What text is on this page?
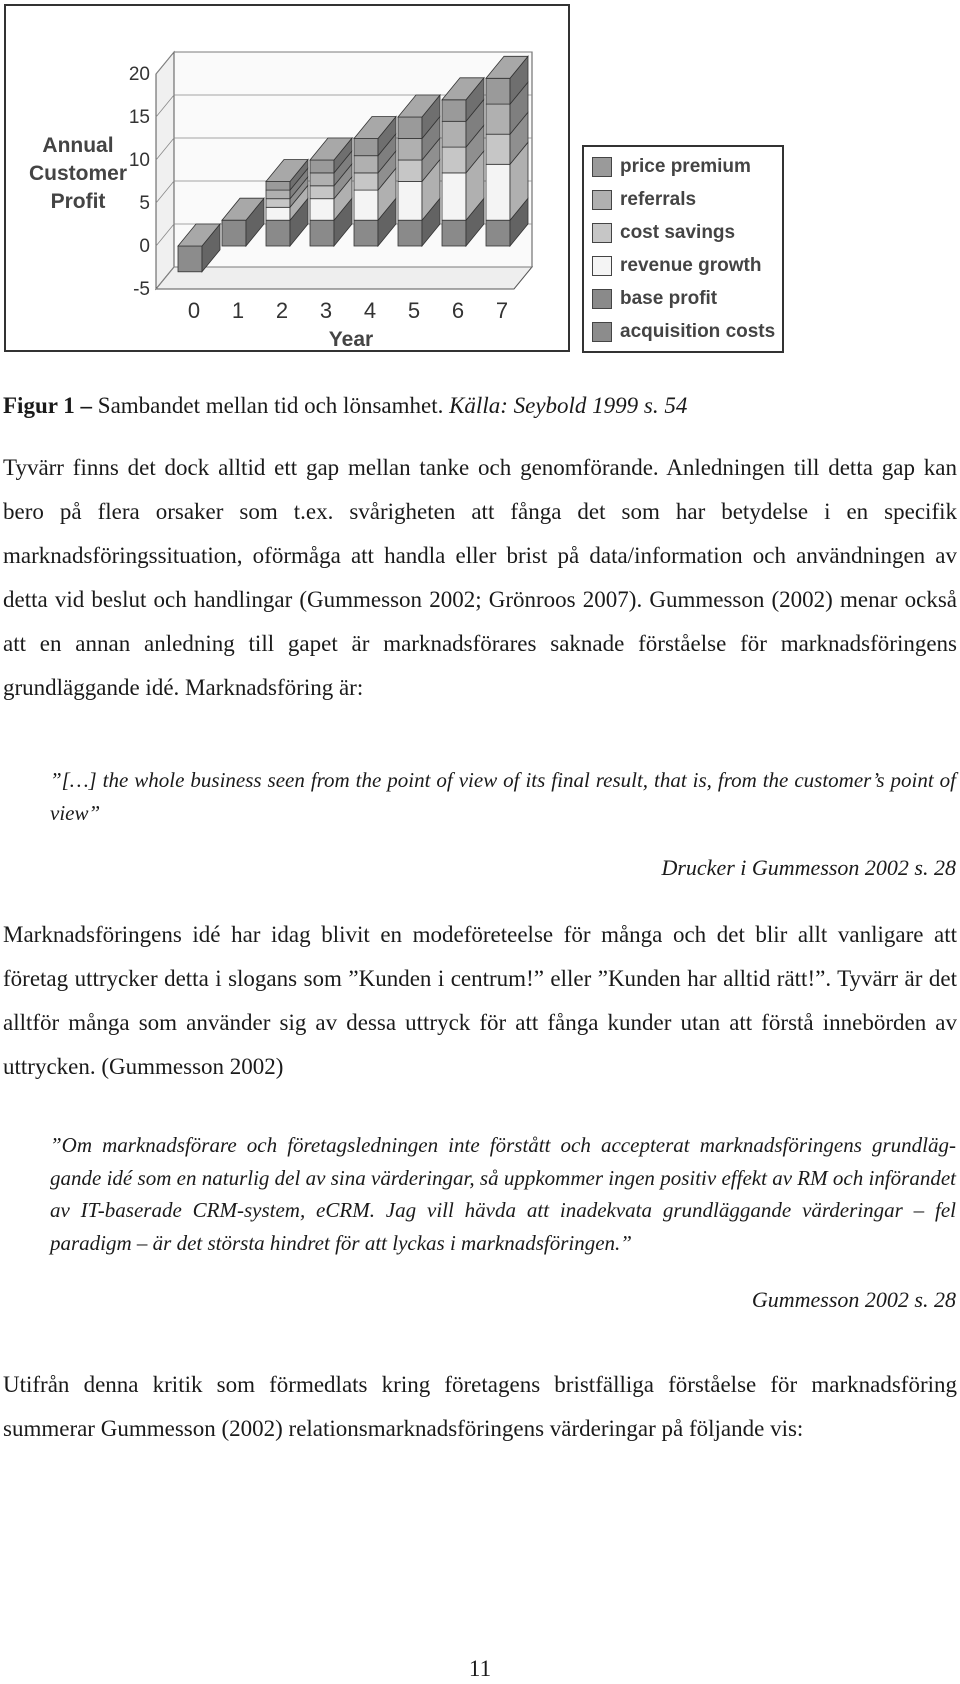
20
15
10
5
0
-5
0 1 2 3 4 5 6 7
Annual
Customer
Profit
Year
price premium
referrals
cost savings
revenue growth
base profit
acquisition costs
Figur 1 – Sambandet mellan tid och lönsamhet. Källa: Seybold 1999 s. 54

Tyvärr finns det dock alltid ett gap mellan tanke och genomförande. Anledningen till detta gap kan bero på flera orsaker som t.ex. svårigheten att fånga det som har betydelse i en specifik marknadsföringssituation, oförmåga att handla eller brist på data/information och användningen av detta vid beslut och handlingar (Gummesson 2002; Grönroos 2007). Gummesson (2002) menar också att en annan anledning till gapet är marknadsförares saknade förståelse för marknadsföringens grundläggande idé. Marknadsföring är:

”[…] the whole business seen from the point of view of its final result, that is, from the customer’s point of view”

Drucker i Gummesson 2002 s. 28

Marknadsföringens idé har idag blivit en modeföreteelse för många och det blir allt vanligare att företag uttrycker detta i slogans som ”Kunden i centrum!” eller ”Kunden har alltid rätt!”. Tyvärr är det alltför många som använder sig av dessa uttryck för att fånga kunder utan att förstå innebörden av uttrycken. (Gummesson 2002)

”Om marknadsförare och företagsledningen inte förstått och accepterat marknadsföringens grundläggande idé som en naturlig del av sina värderingar, så uppkommer ingen positiv effekt av RM och införandet av IT-baserade CRM-system, eCRM. Jag vill hävda att inadekvata grundläggande värderingar – fel paradigm – är det största hindret för att lyckas i marknadsföringen.”

Gummesson 2002 s. 28

Utifrån denna kritik som förmedlats kring företagens bristfälliga förståelse för marknadsföring summerar Gummesson (2002) relationsmarknadsföringens värderingar på följande vis:

11
